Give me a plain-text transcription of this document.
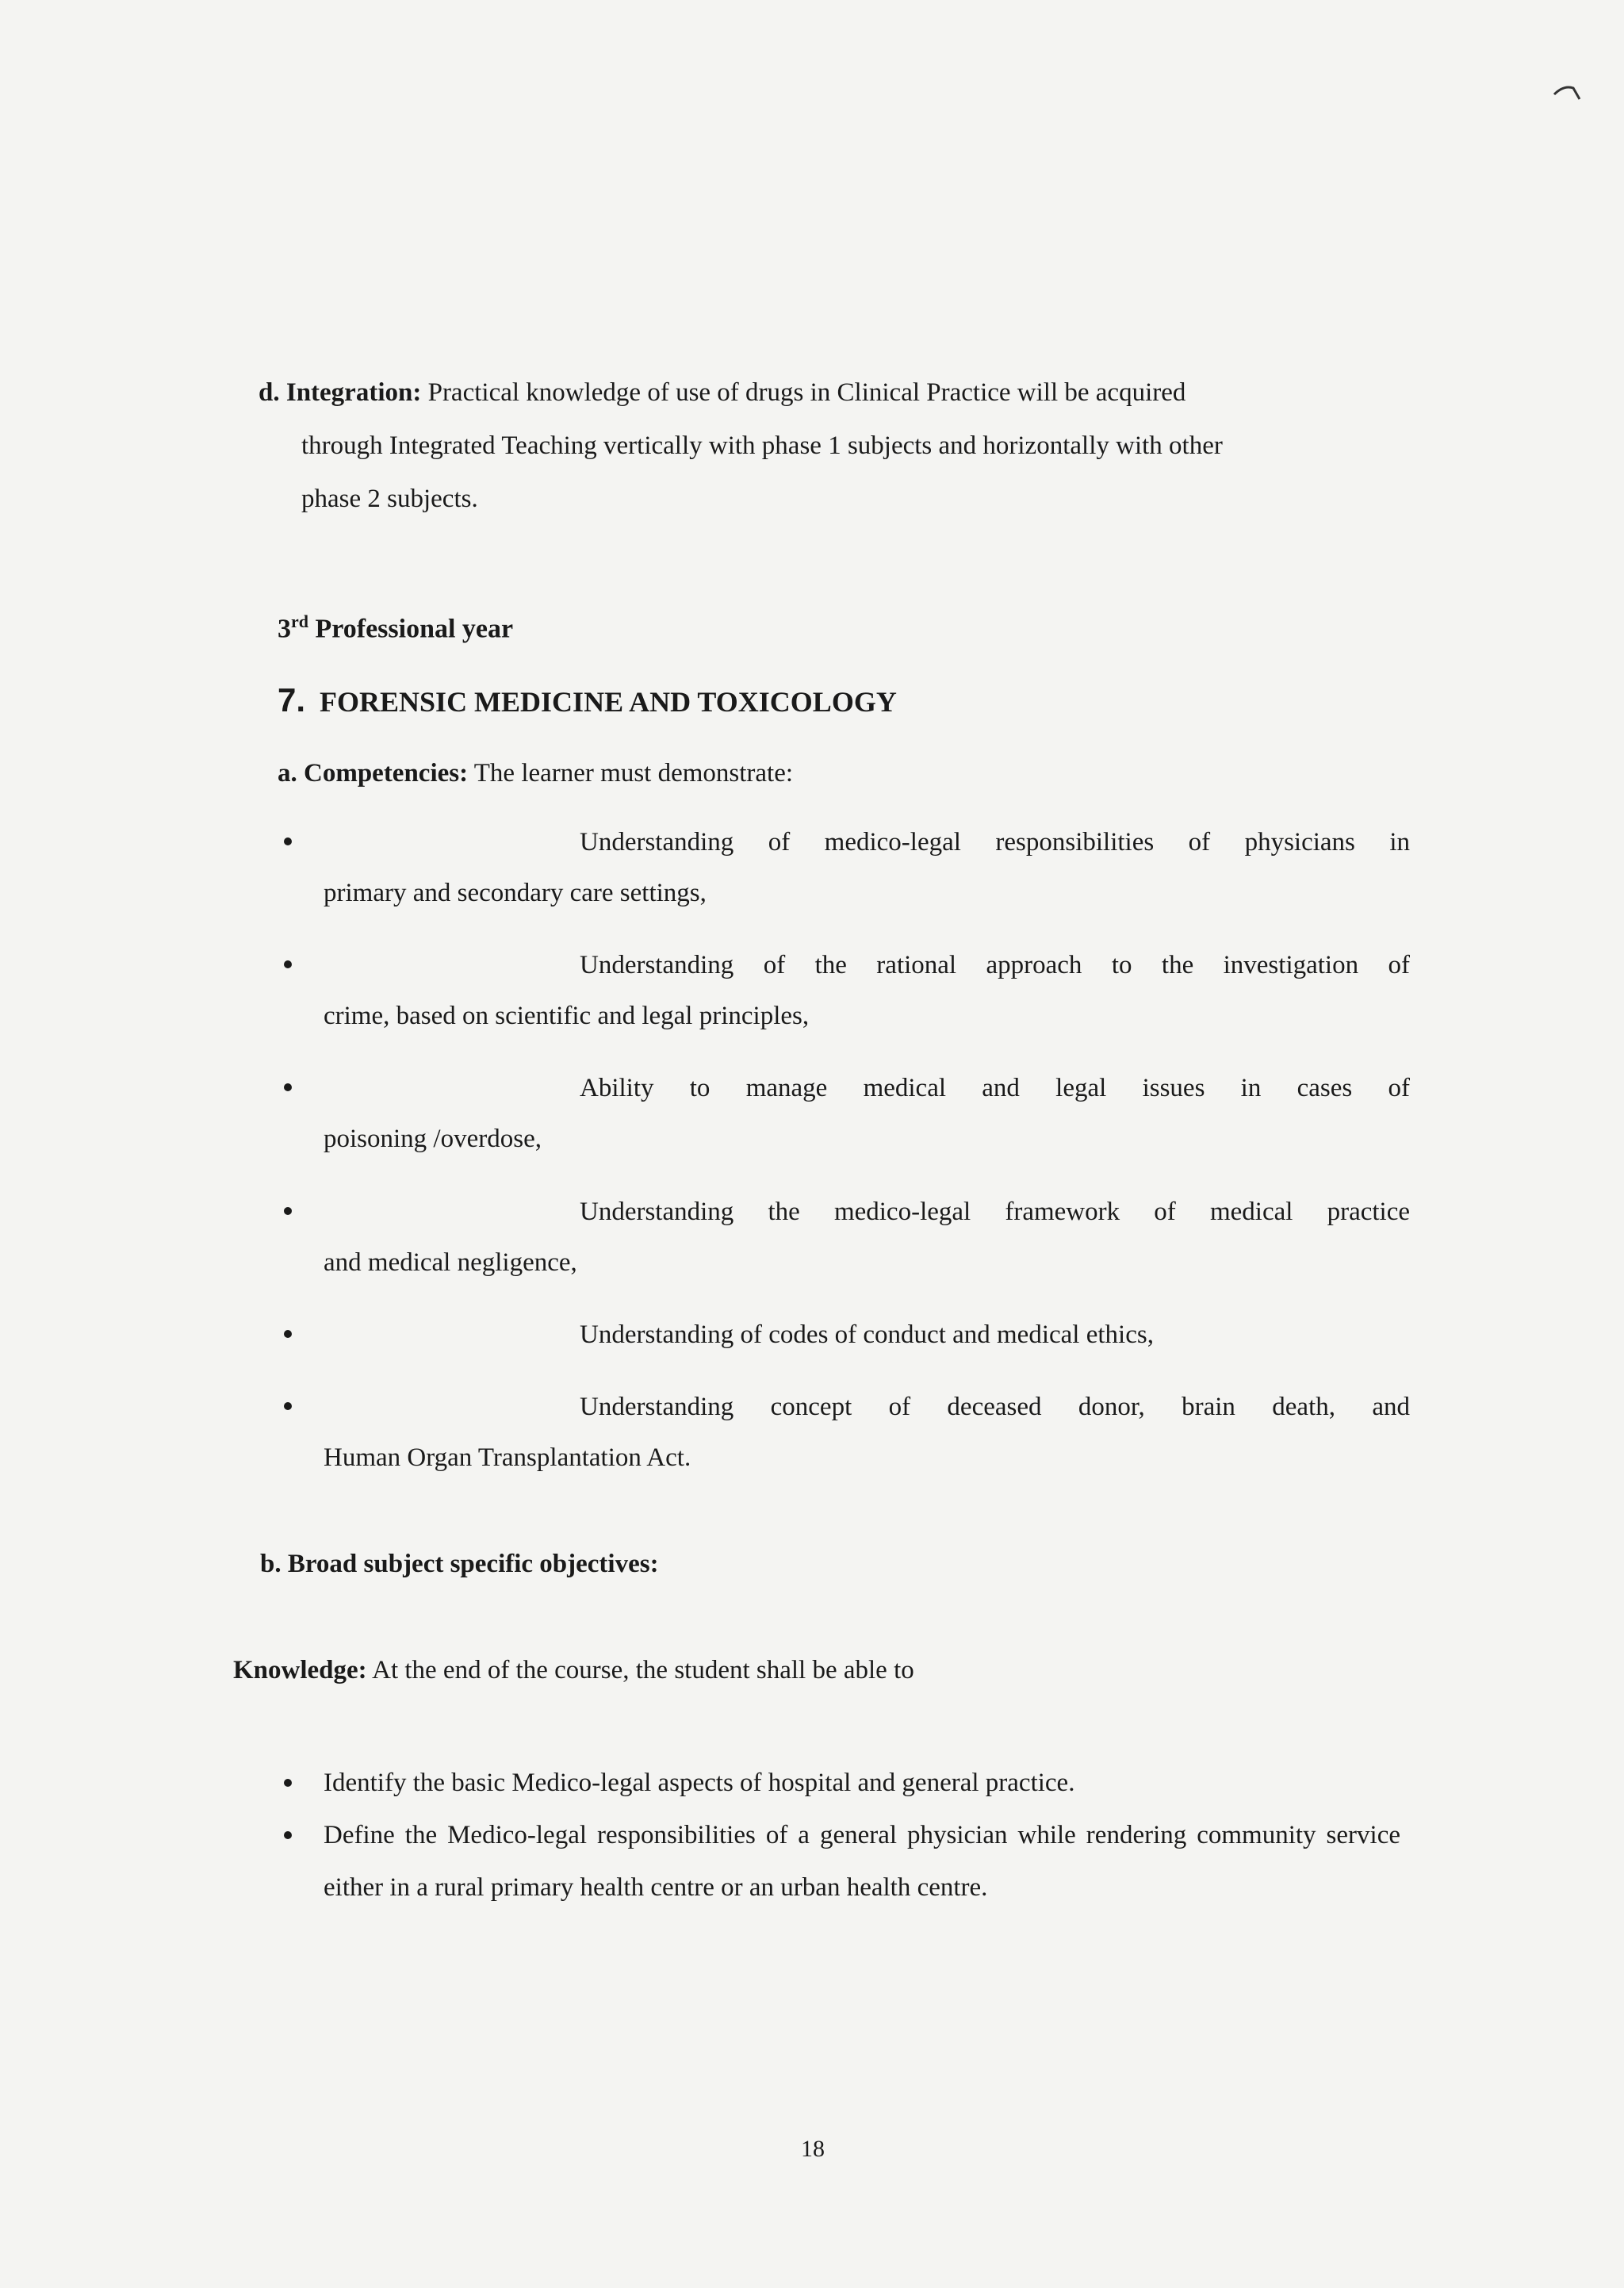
d. Integration: Practical knowledge of use of drugs in Clinical Practice will be acquired
through Integrated Teaching vertically with phase 1 subjects and horizontally with other
phase 2 subjects.
3rd Professional year
7. FORENSIC MEDICINE AND TOXICOLOGY
a. Competencies: The learner must demonstrate:
Understanding of medico-legal responsibilities of physicians in
primary and secondary care settings,
Understanding of the rational approach to the investigation of
crime, based on scientific and legal principles,
Ability to manage medical and legal issues in cases of
poisoning /overdose,
Understanding the medico-legal framework of medical practice
and medical negligence,
Understanding of codes of conduct and medical ethics,
Understanding concept of deceased donor, brain death, and
Human Organ Transplantation Act.
b. Broad subject specific objectives:
Knowledge: At the end of the course, the student shall be able to
Identify the basic Medico-legal aspects of hospital and general practice.
Define the Medico-legal responsibilities of a general physician while rendering community service either in a rural primary health centre or an urban health centre.
18
